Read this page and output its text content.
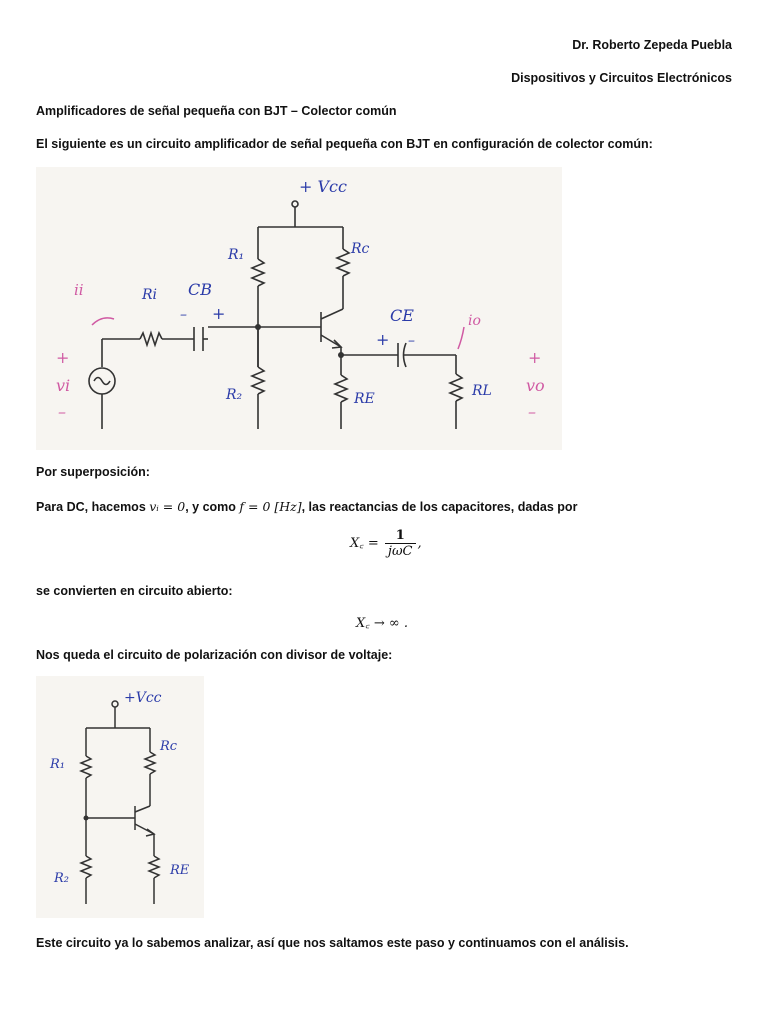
Dr. Roberto Zepeda Puebla
Dispositivos y Circuitos Electrónicos
Amplificadores de señal pequeña con BJT – Colector común
El siguiente es un circuito amplificador de señal pequeña con BJT en configuración de colector común:
+ Vcc
R₁	Rc
Ri CB
CE
R₂	RE	RL
– +
+ –
ii
io
+
vi
–
+
vo
–
Por superposición:
Para DC, hacemos vᵢ = 0, y como f = 0 [Hz], las reactancias de los capacitores, dadas por
X꜀ = $\frac{1}{\text{jωC}}$ ,
se convierten en circuito abierto:
X꜀ → ∞ .
Nos queda el circuito de polarización con divisor de voltaje:
+Vcc
R₁
Rc
R₂
RE
Este circuito ya lo sabemos analizar, así que nos saltamos este paso y continuamos con el análisis.
